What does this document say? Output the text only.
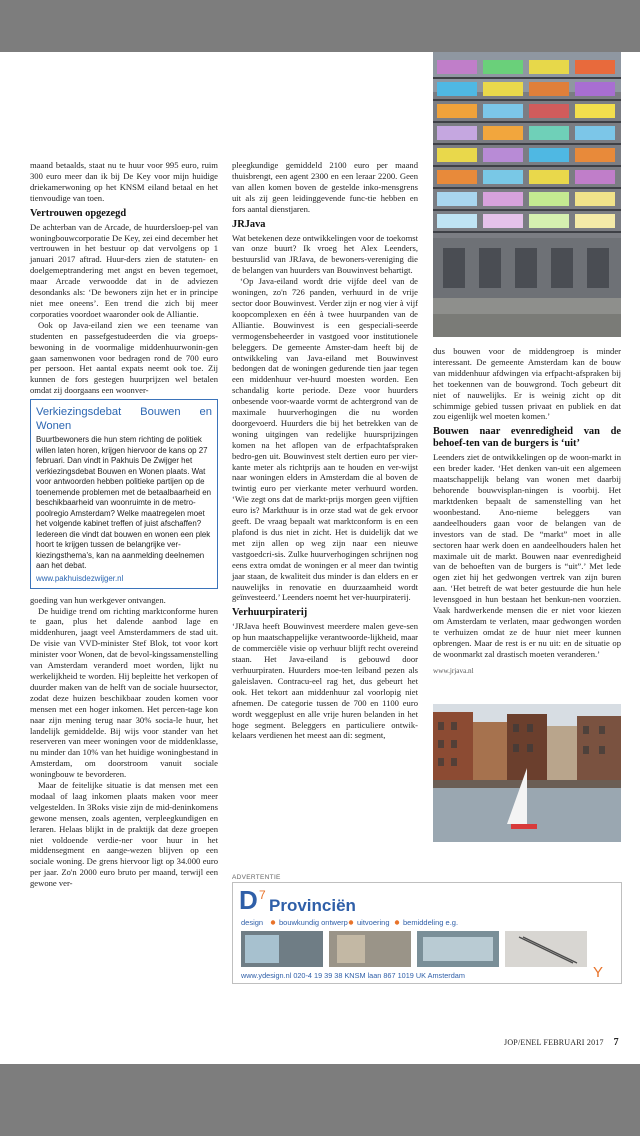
maand betaalds, staat nu te huur voor 995 euro, ruim 300 euro meer dan ik bij De Key voor mijn huidige driekamerwoning op het KNSM eiland betaal en het tienvoudige van toen.

Vertrouwen opgezegd

De achterban van de Arcade, de huurdersloep-pel van woningbouwcorporatie De Key, zei eind december het vertrouwen in het bestuur op dat vervolgens op 1 januari 2017 aftrad. Huur-ders zien de statuten- en doelgemeptrandering met angst en beven tegemoet, maar Arcade verwoodde dat in de adviezen desondanks als: ‘De bewoners zijn het er in principe niet mee oneens’. Een trend die zich bij meer corporaties voordoet waaronder ook de Alliantie.

Ook op Java-eiland zien we een teename van studenten en passefgestudeerden die via groeps-bewoning in de voormalige middenhuurwonin-gen gaan samenwonen voor bedragen rond de 700 euro per persoon. Het aantal expats neemt ook toe. Zij kunnen de fors gestegen huurprijzen wel betalen omdat zij doorgaans een woonver-

Verkiezingsdebat Bouwen en Wonen
Buurtbewoners die hun stem richting de politiek willen laten horen, krijgen hiervoor de kans op 27 februari. Dan vindt in Pakhuis De Zwijger het verkiezingsdebat Bouwen en Wonen plaats. Wat voor antwoorden hebben politieke partijen op de toenemende problemen met de betaalbaarheid en beschikbaarheid van woonruimte in de metro-poolregio Amsterdam? Welke maatregelen moet het volgende kabinet treffen of juist afschaffen? Iedereen die vindt dat bouwen en wonen een plek hoort te krijgen tussen de belangrijke ver-kiezingsthema's, kan na aanmelding deelnemen aan het debat.
www.pakhuisdezwijger.nl

goeding van hun werkgever ontvangen.

De huidige trend om richting marktconforme huren te gaan, plus het dalende aanbod lage en middenhuren, jaagt veel Amsterdammers de stad uit. De visie van VVD-minister Stef Blok, tot voor kort minister voor Wonen, dat de bevol-kingssamenstelling van Amsterdam veranderd moet worden, lijkt nu werkelijkheid te worden. Hij bepleitte het verkopen of duurder maken van de helft van de sociale huursector, zodat deze huizen beschikbaar zouden komen voor mensen met een hoger inkomen. Het percen-tage kon naar zijn mening terug naar 30% socia-le huur, het landelijk gemiddelde. Bij wijs voor stander van het reserveren van meer woningen voor de middenklasse, nu minder dan 10% van het huidige woningbestand in Amsterdam, om doorstroom vanuit sociale woningbouw te bevorderen.

Maar de feitelijke situatie is dat mensen met een modaal of laag inkomen plaats maken voor meer velgestelden. In 3Roks visie zijn de mid-deninkomens gewone mensen, zoals agenten, verpleegkundigen en leraren. Helaas blijkt in de praktijk dat deze groepen niet voldoende verdie-ner voor huur in het middensegment en aange-wezen blijven op een sociale woning. De grens hiervoor ligt op 34.000 euro per jaar. Zo'n 2000 euro bruto per maand, terwijl een gewone ver-

pleegkundige gemiddeld 2100 euro per maand thuisbrengt, een agent 2300 en een leraar 2200. Geen van allen komen boven de gestelde inko-mensgrens uit als zij geen leidinggevende func-tie hebben en fors aantal dienstjaren.

JRJava

Wat betekenen deze ontwikkelingen voor de toekomst van onze buurt? Ik vroeg het Alex Leenders, bestuurslid van JRJava, de bewoners-vereniging die de belangen van huurders van Bouwinvest behartigt.

‘Op Java-eiland wordt drie vijfde deel van de woningen, zo'n 726 panden, verhuurd in de vrije sector door Bouwinvest. Verder zijn er nog vier à vijf koopcomplexen en één à twee huurpanden van de Alliantie. Bouwinvest is een gespeciali-seerde vermogensbeheerder in vastgoed voor institutionele beleggers. De gemeente Amster-dam heeft bij de ontwikkeling van Java-eiland met Bouwinvest bedongen dat de woningen gedurende tien jaar tegen een middenhuur ver-huurd moesten worden. Een schandalig korte periode. Deze voor huurders onbesende voor-waarde vormt de achtergrond van de maximale huurverhogingen die nu worden doorgevoerd. Huurders die bij het betrekken van de woning uitgingen van redelijke huursprijzingen komen na het aflopen van de erfpachtafspraken bedro-gen uit. Bouwinvest stelt dertien euro per vier-kante meter als richtprijs aan te houden en ver-wijst naar woningen elders in Amsterdam die al boven de twintig euro per vierkante meter verhuurd worden. ‘Wie zegt ons dat de markt-prijs morgen geen vijftien euro is? Markthuur is in orze stad wat de gek ervoor geeft. De vraag bepaalt wat marktconform is en een plafond is dus niet in zicht. Het is duidelijk dat we met zijn allen op weg zijn naar een nieuwe vastgoedcri-sis. Zulke huurverhogingen schrijnen nog eens extra omdat de woningen er al meer dan twintig jaar staan, de kwaliteit dus minder is dan elders en er nauwelijks in renovatie en duurzaamheid wordt geïnvesteerd.’ Leenders noemt het ver-huurpiraterij.

Verhuurpiraterij

‘JRJava heeft Bouwinvest meerdere malen geve-sen op hun maatschappelijke verantwoorde-lijkheid, maar de commerciële visie op verhuur blijft recht overeind staan. Het Java-eiland is gebouwd door verhuurpiraten. Huurders moe-ten leiband pezen als galeislaven. Contracu-eel rag het, dus gebeurt het ook. Het tekort aan middenhuur zal voorlopig niet afnemen. De categorie tussen de 700 en 1100 euro wordt weggeplust en alle vrije huren belanden in het hoge segment. Beleggers en particuliere ontwik-kelaars verdienen het meest aan di: segment,

dus bouwen voor de middengroep is minder interessant. De gemeente Amsterdam kan de bouw van middenhuur afdwingen via erfpacht-afspraken bij het toekennen van de bouwgrond. Toch gebeurt dit niet of nauwelijks. Er is weinig zicht op dit schimmige gebied tussen privaat en publiek en dat zou eigenlijk wel moeten komen.’

Bouwen naar evenredigheid van de behoef-ten van de burgers is ‘uit’

Leenders ziet de ontwikkelingen op de woon-markt in een breder kader. ‘Het denken van-uit een algemeen maatschappelijk belang van wonen met daarbij behorende bouwvisplan-ningen is voorbij. Het marktdenken bepaalt de samenstelling van het woonbestand. Ano-nieme beleggers van aandeelhouders gaan voor de belangen van de investors van de stad. De “markt” moet in alle sectoren haar werk doen en aandeelhouders halen het maximale uit de markt. Bouwen naar evenredigheid van de behoeften van de burgers is “uit”.’ Met lede ogen ziet hij het gedwongen vertrek van zijn buren aan. ‘Het betreft de wat beter gestuurde die hun hele levensgoed in hun bestaan het benkun-nen voorzien. Vaak hardwerkende mensen die er niet voor kiezen om Amsterdam te verlaten, maar gedwongen worden te verhuizen omdat ze de huur niet meer kunnen opbrengen. Maar de rest is er nu uit: en de situatie op de woonmarkt zal drastisch moeten veranderen.’

www.jrjava.nl
ADVERTENTIE
D 7
Provinciën
design bouwkundig ontwerp uitvoering bemiddeling e.g.
www.ydesign.nl 020-4 19 39 38 KNSM laan 867 1019 UK Amsterdam	Y
JOP/ENEL FEBRUARI 2017 7
